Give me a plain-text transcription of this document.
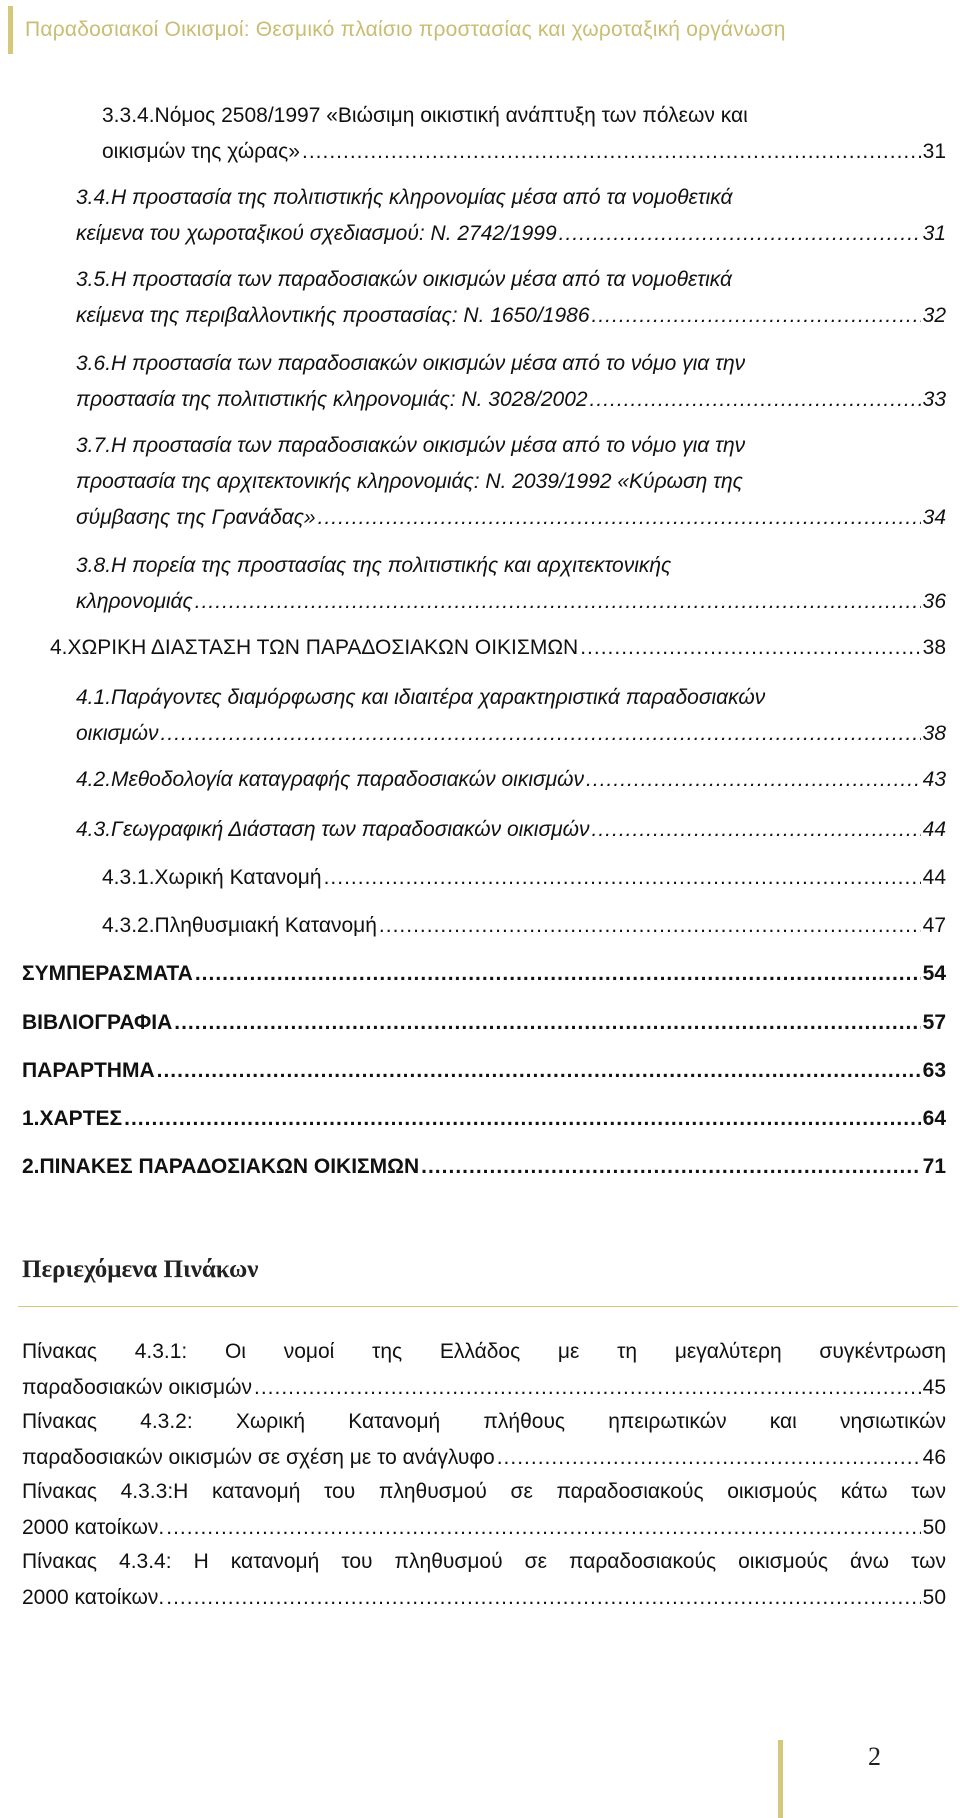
Παραδοσιακοί Οικισμοί: Θεσμικό πλαίσιο προστασίας και χωροταξική οργάνωση
3.3.4.Νόμος 2508/1997 «Βιώσιμη οικιστική ανάπτυξη των πόλεων και
οικισμών της χώρας» .....	31
3.4.Η προστασία της πολιτιστικής κληρονομίας μέσα από τα νομοθετικά
κείμενα του χωροταξικού σχεδιασμού: Ν. 2742/1999 .....	31
3.5.Η προστασία των παραδοσιακών οικισμών μέσα από τα νομοθετικά
κείμενα της περιβαλλοντικής προστασίας: Ν. 1650/1986 .....	32
3.6.Η προστασία των παραδοσιακών οικισμών μέσα από το νόμο για την
προστασία της πολιτιστικής κληρονομιάς: Ν. 3028/2002 .....	33
3.7.Η προστασία των παραδοσιακών οικισμών μέσα από το νόμο για την
προστασία της αρχιτεκτονικής κληρονομιάς: Ν. 2039/1992 «Κύρωση της
σύμβασης της Γρανάδας» .....	34
3.8.Η πορεία της προστασίας της πολιτιστικής και αρχιτεκτονικής
κληρονομιάς .....	36
4.ΧΩΡΙΚΗ ΔΙΑΣΤΑΣΗ ΤΩΝ ΠΑΡΑΔΟΣΙΑΚΩΝ ΟΙΚΙΣΜΩΝ .....	38
4.1.Παράγοντες διαμόρφωσης και ιδιαιτέρα χαρακτηριστικά παραδοσιακών
οικισμών .....	38
4.2.Μεθοδολογία καταγραφής παραδοσιακών οικισμών .....	43
4.3.Γεωγραφική Διάσταση των παραδοσιακών οικισμών .....	44
4.3.1.Χωρική Κατανομή .....	44
4.3.2.Πληθυσμιακή Κατανομή .....	47
ΣΥΜΠΕΡΑΣΜΑΤΑ .....	54
ΒΙΒΛΙΟΓΡΑΦΙΑ .....	57
ΠΑΡΑΡΤΗΜΑ .....	63
1.ΧΑΡΤΕΣ .....	64
2.ΠΙΝΑΚΕΣ ΠΑΡΑΔΟΣΙΑΚΩΝ ΟΙΚΙΣΜΩΝ .....	71
Περιεχόμενα Πινάκων
Πίνακας 4.3.1: Οι νομοί της Ελλάδος με τη μεγαλύτερη συγκέντρωση
παραδοσιακών οικισμών .....	45
Πίνακας 4.3.2: Χωρική Κατανομή πλήθους ηπειρωτικών και νησιωτικών
παραδοσιακών οικισμών σε σχέση με το ανάγλυφο .....	46
Πίνακας 4.3.3:Η κατανομή του πληθυσμού σε παραδοσιακούς οικισμούς κάτω των
2000 κατοίκων. .....	50
Πίνακας 4.3.4: Η κατανομή του πληθυσμού σε παραδοσιακούς οικισμούς άνω των
2000 κατοίκων. .....	50
2
